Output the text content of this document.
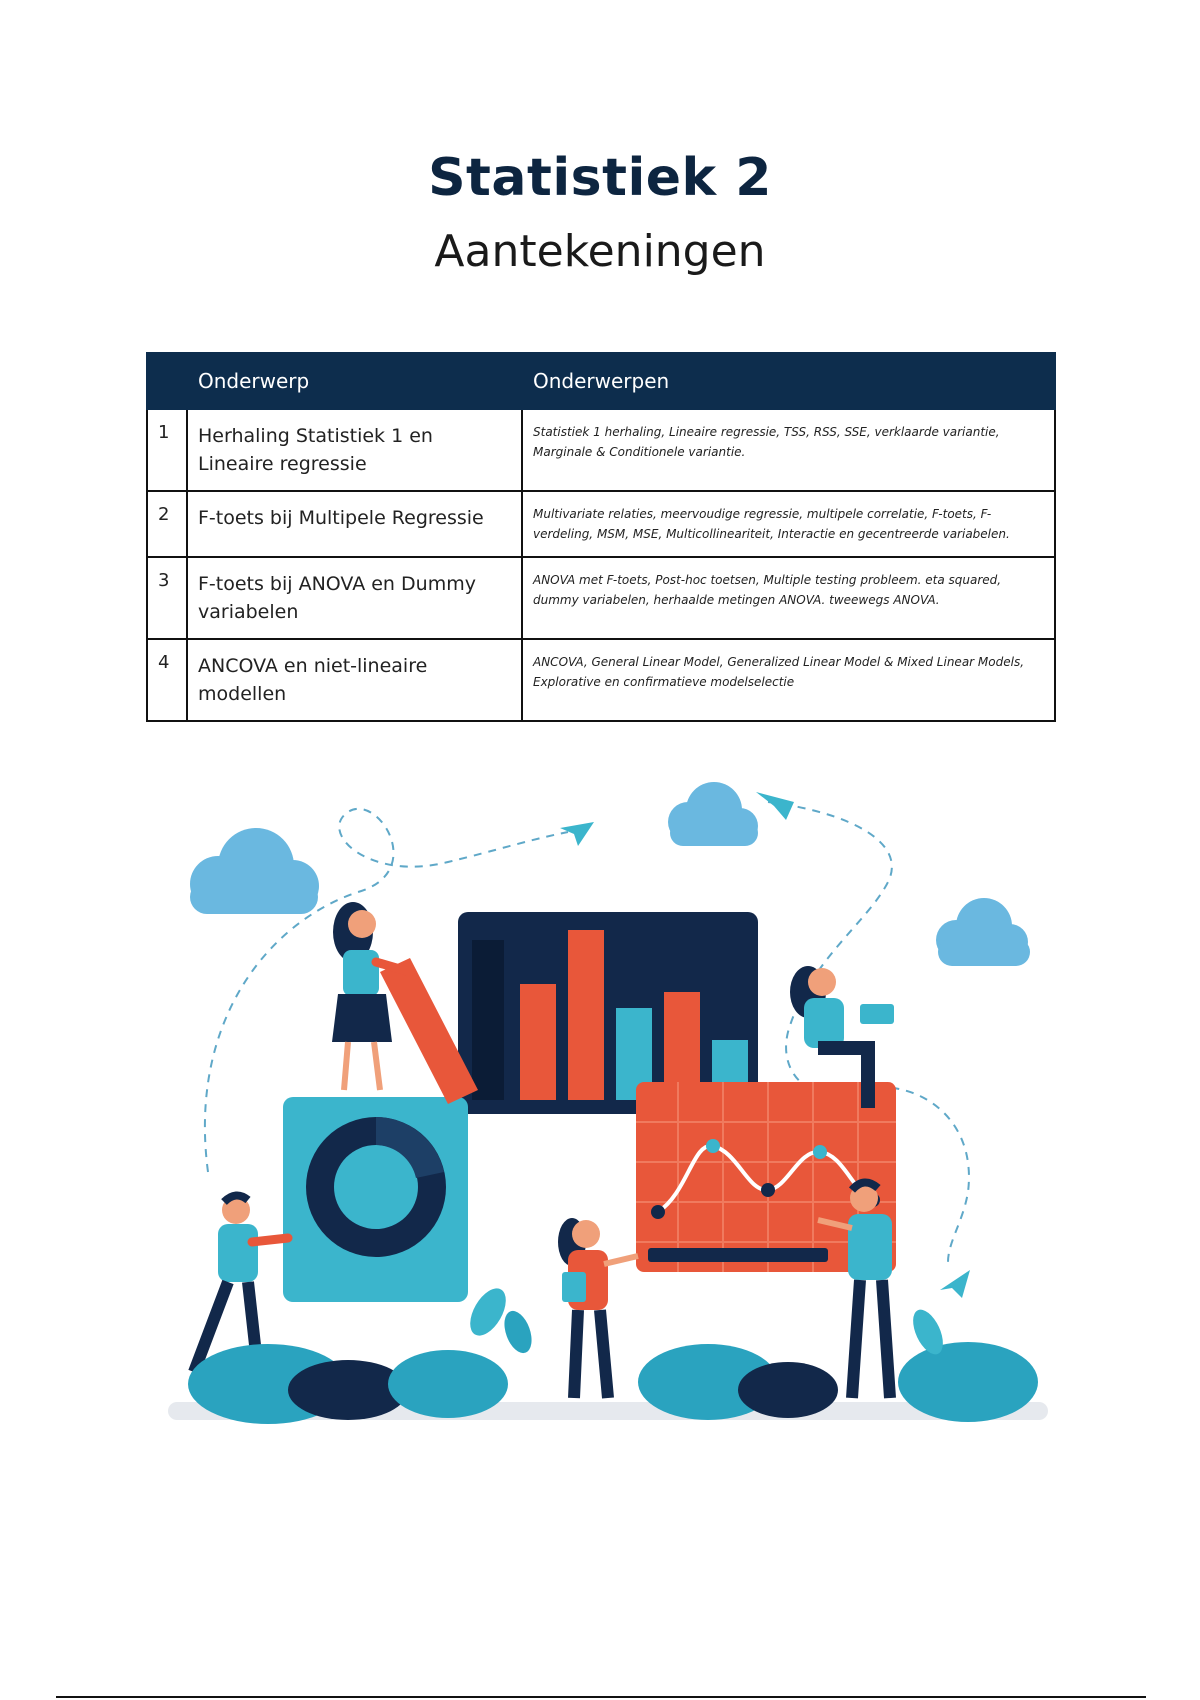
Statistiek 2
Aantekeningen
	Onderwerp	Onderwerpen
1	Herhaling Statistiek 1 en Lineaire regressie	Statistiek 1 herhaling, Lineaire regressie, TSS, RSS, SSE, verklaarde variantie, Marginale & Conditionele variantie.
2	F-toets bij Multipele Regressie	Multivariate relaties, meervoudige regressie, multipele correlatie, F-toets, F-verdeling, MSM, MSE, Multicollineariteit, Interactie en gecentreerde variabelen.
3	F-toets bij ANOVA en Dummy variabelen	ANOVA met F-toets, Post-hoc toetsen, Multiple testing probleem. eta squared, dummy variabelen, herhaalde metingen ANOVA. tweewegs ANOVA.
4	ANCOVA en niet-lineaire modellen	ANCOVA, General Linear Model, Generalized Linear Model & Mixed Linear Models, Explorative en confirmatieve modelselectie
